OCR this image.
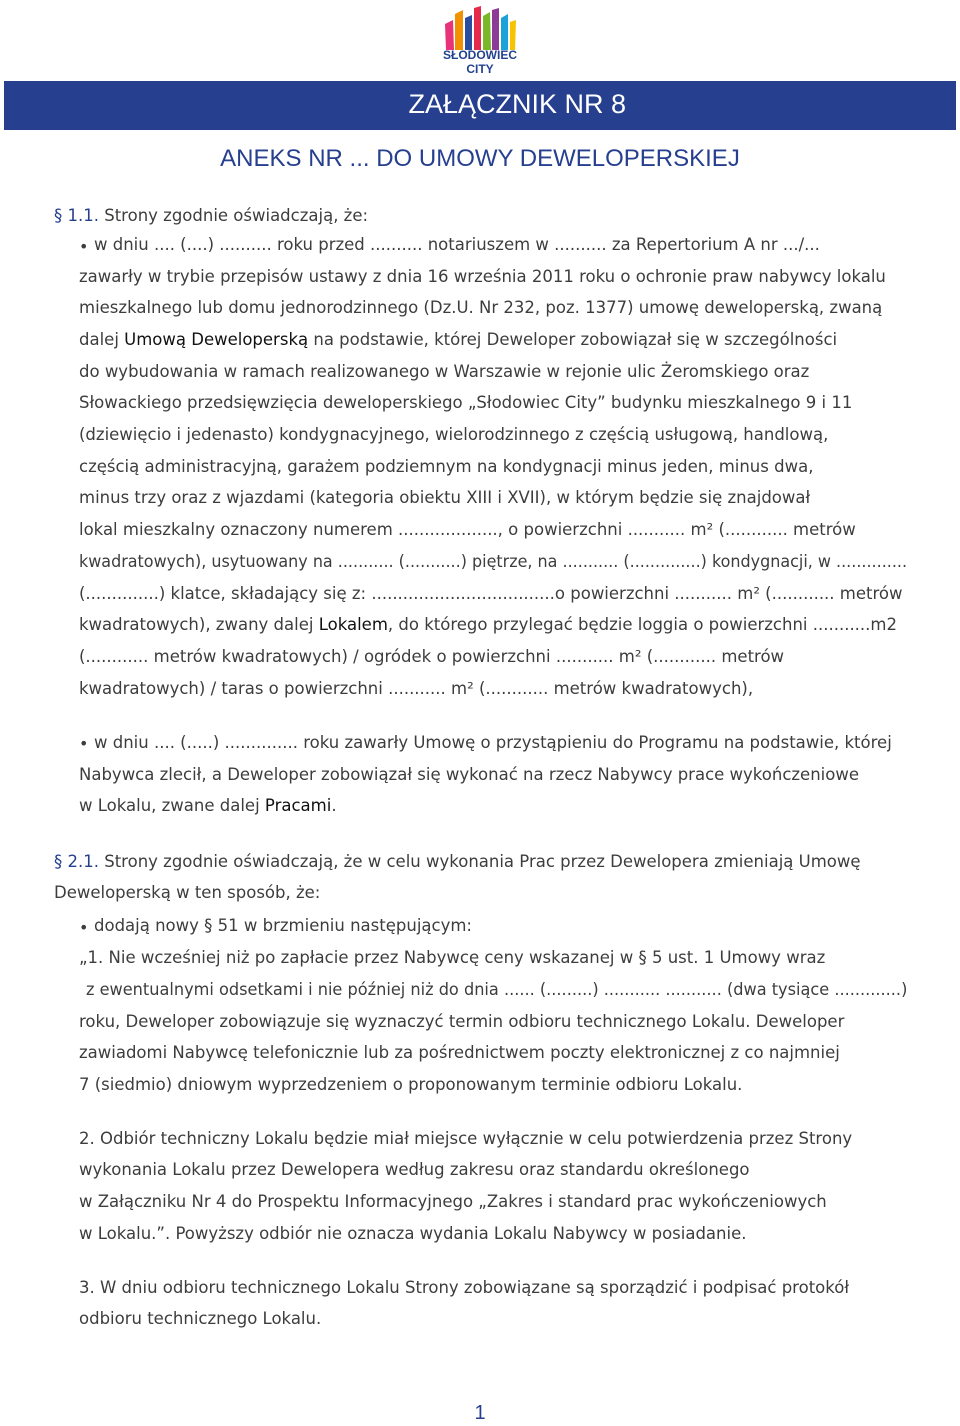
SŁODOWIEC CITY
ZAŁĄCZNIK NR 8
ANEKS NR ... DO UMOWY DEWELOPERSKIEJ
§ 1.1. Strony zgodnie oświadczają, że:
• w dniu .... (....) .......... roku przed .......... notariuszem w .......... za Repertorium A nr .../...
zawarły w trybie przepisów ustawy z dnia 16 września 2011 roku o ochronie praw nabywcy lokalu
mieszkalnego lub domu jednorodzinnego (Dz.U. Nr 232, poz. 1377) umowę deweloperską, zwaną
dalej Umową Deweloperską na podstawie, której Deweloper zobowiązał się w szczególności
do wybudowania w ramach realizowanego w Warszawie w rejonie ulic Żeromskiego oraz
Słowackiego przedsięwzięcia deweloperskiego „Słodowiec City” budynku mieszkalnego 9 i 11
(dziewięcio i jedenasto) kondygnacyjnego, wielorodzinnego z częścią usługową, handlową,
częścią administracyjną, garażem podziemnym na kondygnacji minus jeden, minus dwa,
minus trzy oraz z wjazdami (kategoria obiektu XIII i XVII), w którym będzie się znajdował
lokal mieszkalny oznaczony numerem ..................., o powierzchni ........... m² (............ metrów
kwadratowych), usytuowany na ........... (...........) piętrze, na ........... (..............) kondygnacji, w ..............
(..............) klatce, składający się z: ...................................o powierzchni ........... m² (............ metrów
kwadratowych), zwany dalej Lokalem, do którego przylegać będzie loggia o powierzchni ...........m2
(............ metrów kwadratowych) / ogródek o powierzchni ........... m² (............ metrów
kwadratowych) / taras o powierzchni ........... m² (............ metrów kwadratowych),
• w dniu .... (.....) .............. roku zawarły Umowę o przystąpieniu do Programu na podstawie, której
Nabywca zlecił, a Deweloper zobowiązał się wykonać na rzecz Nabywcy prace wykończeniowe
w Lokalu, zwane dalej Pracami.
§ 2.1. Strony zgodnie oświadczają, że w celu wykonania Prac przez Dewelopera zmieniają Umowę
Deweloperską w ten sposób, że:
• dodają nowy § 51 w brzmieniu następującym:
„1. Nie wcześniej niż po zapłacie przez Nabywcę ceny wskazanej w § 5 ust. 1 Umowy wraz
z ewentualnymi odsetkami i nie później niż do dnia ...... (.........) ........... ........... (dwa tysiące .............)
roku, Deweloper zobowiązuje się wyznaczyć termin odbioru technicznego Lokalu. Deweloper
zawiadomi Nabywcę telefonicznie lub za pośrednictwem poczty elektronicznej z co najmniej
7 (siedmio) dniowym wyprzedzeniem o proponowanym terminie odbioru Lokalu.
2. Odbiór techniczny Lokalu będzie miał miejsce wyłącznie w celu potwierdzenia przez Strony
wykonania Lokalu przez Dewelopera według zakresu oraz standardu określonego
w Załączniku Nr 4 do Prospektu Informacyjnego „Zakres i standard prac wykończeniowych
w Lokalu.”. Powyższy odbiór nie oznacza wydania Lokalu Nabywcy w posiadanie.
3. W dniu odbioru technicznego Lokalu Strony zobowiązane są sporządzić i podpisać protokół
odbioru technicznego Lokalu.
1
